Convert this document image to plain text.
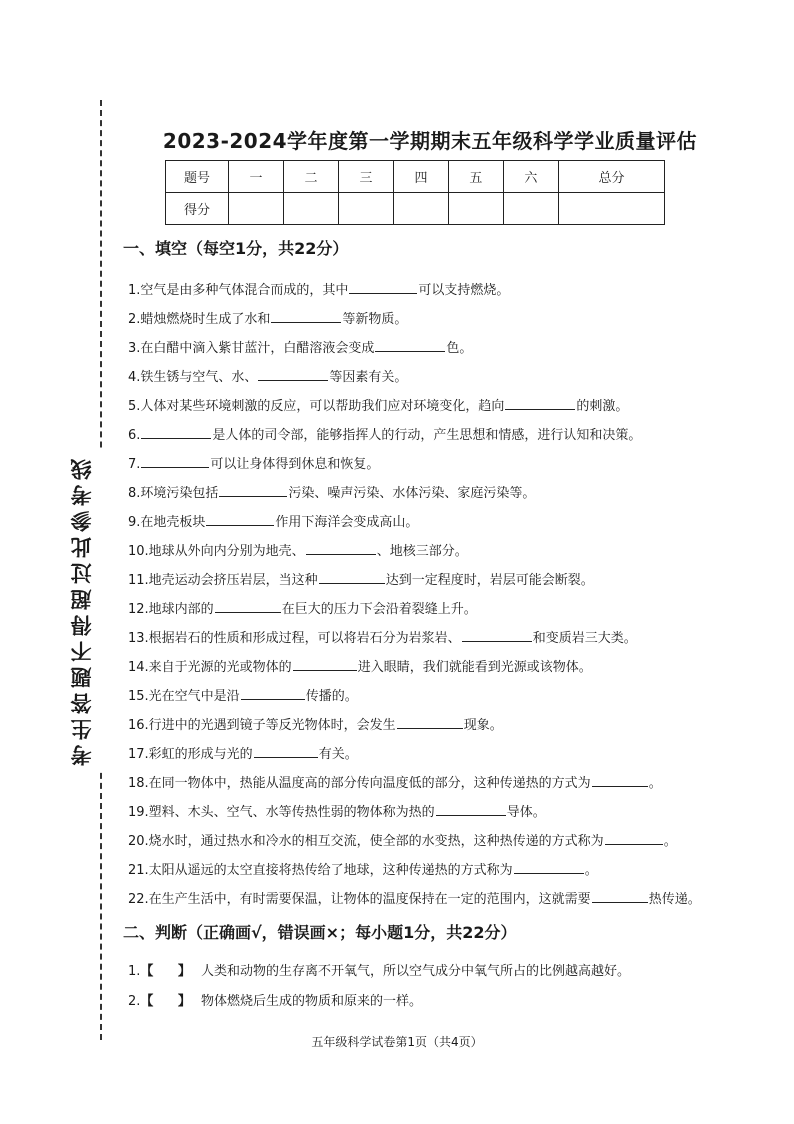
考生答题不得超过此参考线
2023-2024学年度第一学期期末五年级科学学业质量评估
题号	一	二	三	四	五	六	总分
得分							
一、填空（每空1分，共22分）
1.空气是由多种气体混合而成的，其中	可以支持燃烧。
2.蜡烛燃烧时生成了水和	等新物质。
3.在白醋中滴入紫甘蓝汁，白醋溶液会变成	色。
4.铁生锈与空气、水、	等因素有关。
5.人体对某些环境刺激的反应，可以帮助我们应对环境变化，趋向	的刺激。
6.	是人体的司令部，能够指挥人的行动，产生思想和情感，进行认知和决策。
7.	可以让身体得到休息和恢复。
8.环境污染包括	污染、噪声污染、水体污染、家庭污染等。
9.在地壳板块	作用下海洋会变成高山。
10.地球从外向内分别为地壳、	、地核三部分。
11.地壳运动会挤压岩层，当这种	达到一定程度时，岩层可能会断裂。
12.地球内部的	在巨大的压力下会沿着裂缝上升。
13.根据岩石的性质和形成过程，可以将岩石分为岩浆岩、	和变质岩三大类。
14.来自于光源的光或物体的	进入眼睛，我们就能看到光源或该物体。
15.光在空气中是沿	传播的。
16.行进中的光遇到镜子等反光物体时，会发生	现象。
17.彩虹的形成与光的	有关。
18.在同一物体中，热能从温度高的部分传向温度低的部分，这种传递热的方式为	。
19.塑料、木头、空气、水等传热性弱的物体称为热的	导体。
20.烧水时，通过热水和冷水的相互交流，使全部的水变热，这种热传递的方式称为	。
21.太阳从遥远的太空直接将热传给了地球，这种传递热的方式称为	。
22.在生产生活中，有时需要保温，让物体的温度保持在一定的范围内，这就需要	热传递。
二、判断（正确画√，错误画×；每小题1分，共22分）
1.【 】人类和动物的生存离不开氧气，所以空气成分中氧气所占的比例越高越好。
2.【 】物体燃烧后生成的物质和原来的一样。
五年级科学试卷第1页（共4页）
